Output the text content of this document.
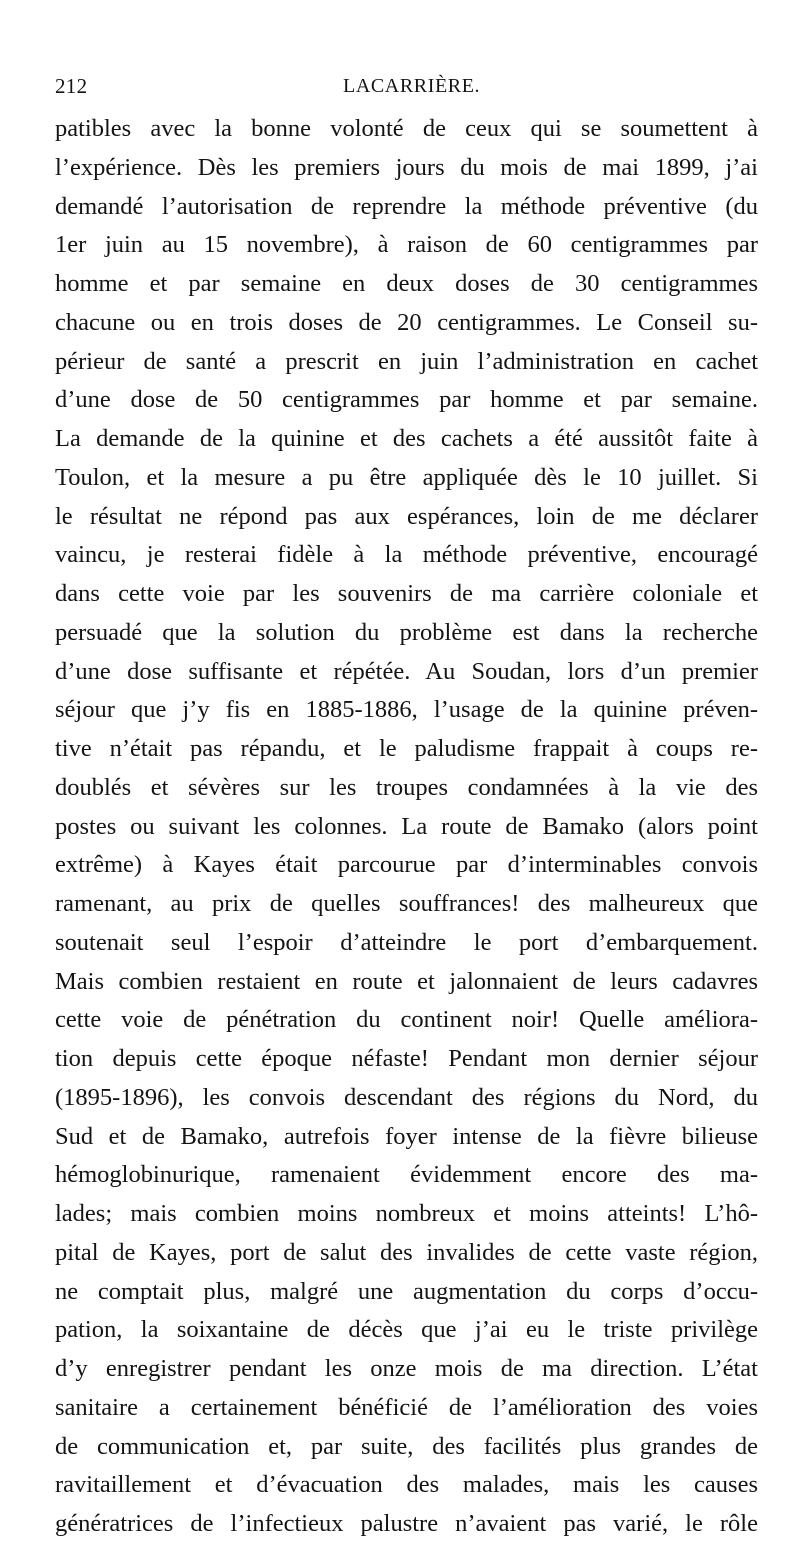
212	LACARRIÈRE.
patibles avec la bonne volonté de ceux qui se soumettent à
l’expérience. Dès les premiers jours du mois de mai 1899, j’ai
demandé l’autorisation de reprendre la méthode préventive (du
1er juin au 15 novembre), à raison de 60 centigrammes par
homme et par semaine en deux doses de 30 centigrammes
chacune ou en trois doses de 20 centigrammes. Le Conseil su-
périeur de santé a prescrit en juin l’administration en cachet
d’une dose de 50 centigrammes par homme et par semaine.
La demande de la quinine et des cachets a été aussitôt faite à
Toulon, et la mesure a pu être appliquée dès le 10 juillet. Si
le résultat ne répond pas aux espérances, loin de me déclarer
vaincu, je resterai fidèle à la méthode préventive, encouragé
dans cette voie par les souvenirs de ma carrière coloniale et
persuadé que la solution du problème est dans la recherche
d’une dose suffisante et répétée. Au Soudan, lors d’un premier
séjour que j’y fis en 1885-1886, l’usage de la quinine préven-
tive n’était pas répandu, et le paludisme frappait à coups re-
doublés et sévères sur les troupes condamnées à la vie des
postes ou suivant les colonnes. La route de Bamako (alors point
extrême) à Kayes était parcourue par d’interminables convois
ramenant, au prix de quelles souffrances! des malheureux que
soutenait seul l’espoir d’atteindre le port d’embarquement.
Mais combien restaient en route et jalonnaient de leurs cadavres
cette voie de pénétration du continent noir! Quelle améliora-
tion depuis cette époque néfaste! Pendant mon dernier séjour
(1895-1896), les convois descendant des régions du Nord, du
Sud et de Bamako, autrefois foyer intense de la fièvre bilieuse
hémoglobinurique, ramenaient évidemment encore des ma-
lades; mais combien moins nombreux et moins atteints! L’hô-
pital de Kayes, port de salut des invalides de cette vaste région,
ne comptait plus, malgré une augmentation du corps d’occu-
pation, la soixantaine de décès que j’ai eu le triste privilège
d’y enregistrer pendant les onze mois de ma direction. L’état
sanitaire a certainement bénéficié de l’amélioration des voies
de communication et, par suite, des facilités plus grandes de
ravitaillement et d’évacuation des malades, mais les causes
génératrices de l’infectieux palustre n’avaient pas varié, le rôle
